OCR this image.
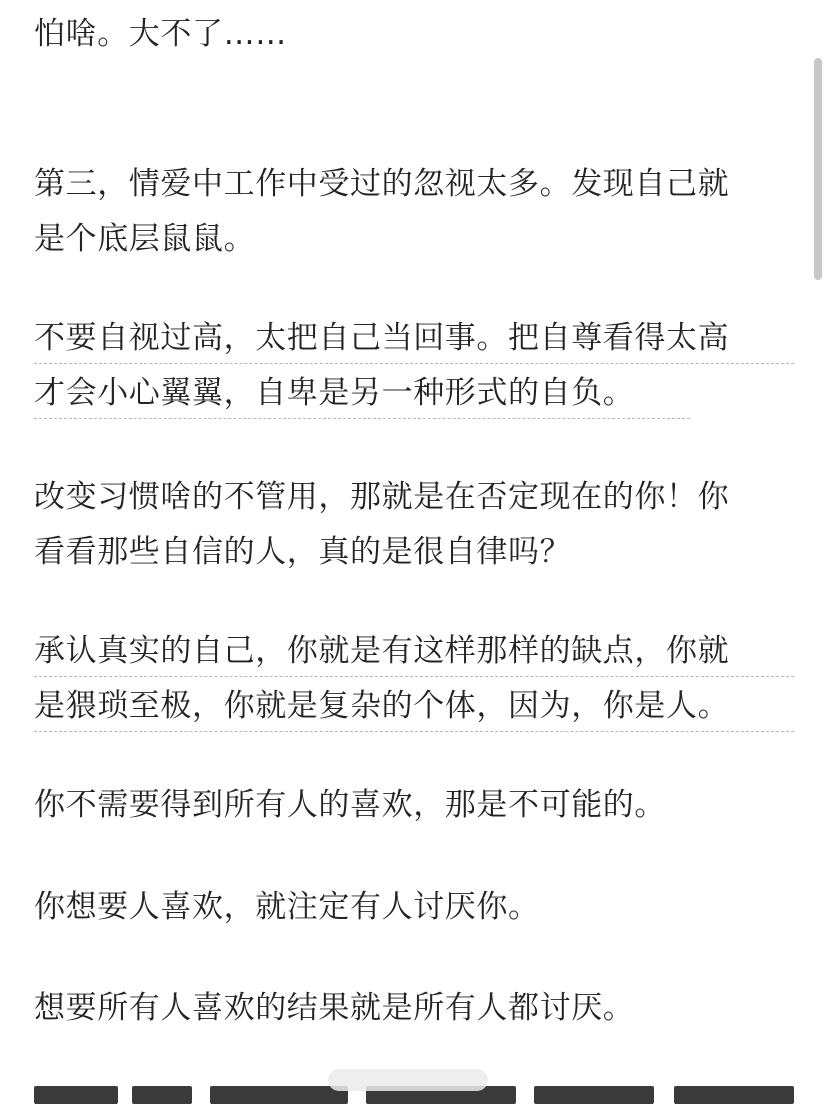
怕啥。大不了……
第三，情爱中工作中受过的忽视太多。发现自己就
是个底层鼠鼠。
不要自视过高，太把自己当回事。把自尊看得太高
才会小心翼翼，自卑是另一种形式的自负。
改变习惯啥的不管用，那就是在否定现在的你！你
看看那些自信的人，真的是很自律吗？
承认真实的自己，你就是有这样那样的缺点，你就
是猥琐至极，你就是复杂的个体，因为，你是人。
你不需要得到所有人的喜欢，那是不可能的。
你想要人喜欢，就注定有人讨厌你。
想要所有人喜欢的结果就是所有人都讨厌。
